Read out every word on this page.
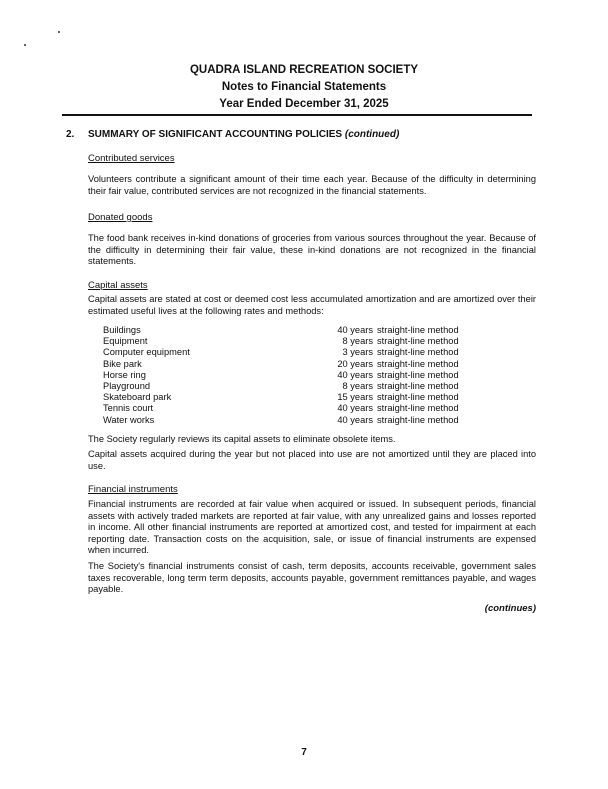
QUADRA ISLAND RECREATION SOCIETY
Notes to Financial Statements
Year Ended December 31, 2025
2. SUMMARY OF SIGNIFICANT ACCOUNTING POLICIES (continued)
Contributed services
Volunteers contribute a significant amount of their time each year. Because of the difficulty in determining their fair value, contributed services are not recognized in the financial statements.
Donated goods
The food bank receives in-kind donations of groceries from various sources throughout the year. Because of the difficulty in determining their fair value, these in-kind donations are not recognized in the financial statements.
Capital assets
Capital assets are stated at cost or deemed cost less accumulated amortization and are amortized over their estimated useful lives at the following rates and methods:
Buildings	40 years straight-line method
Equipment	8 years straight-line method
Computer equipment	3 years straight-line method
Bike park	20 years straight-line method
Horse ring	40 years straight-line method
Playground	8 years straight-line method
Skateboard park	15 years straight-line method
Tennis court	40 years straight-line method
Water works	40 years straight-line method
The Society regularly reviews its capital assets to eliminate obsolete items.
Capital assets acquired during the year but not placed into use are not amortized until they are placed into use.
Financial instruments
Financial instruments are recorded at fair value when acquired or issued. In subsequent periods, financial assets with actively traded markets are reported at fair value, with any unrealized gains and losses reported in income. All other financial instruments are reported at amortized cost, and tested for impairment at each reporting date. Transaction costs on the acquisition, sale, or issue of financial instruments are expensed when incurred.
The Society's financial instruments consist of cash, term deposits, accounts receivable, government sales taxes recoverable, long term term deposits, accounts payable, government remittances payable, and wages payable.
(continues)
7
